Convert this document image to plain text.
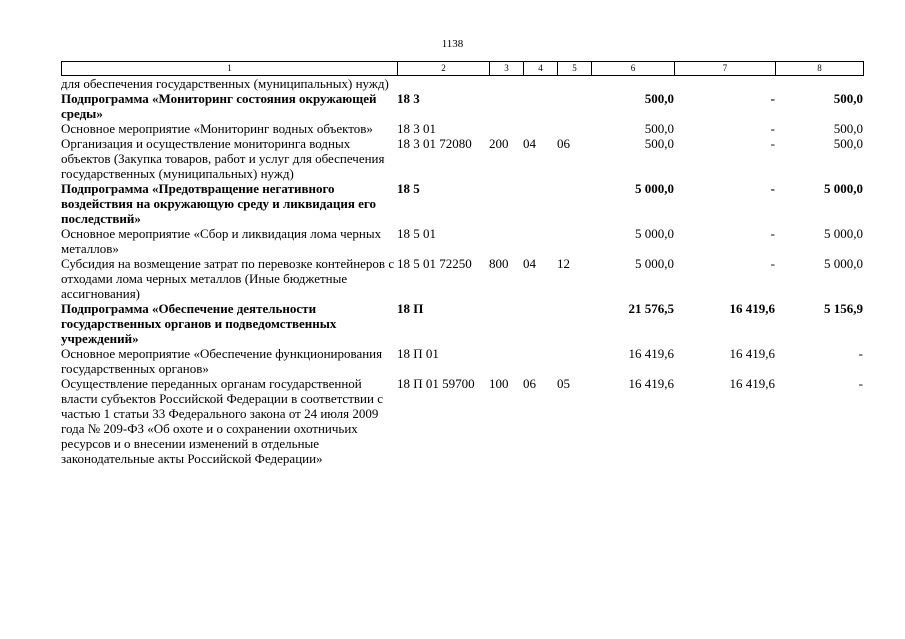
1138
1	2	3	4	5	6	7	8
для обеспечения государственных (муниципальных) нужд)							
Подпрограмма «Мониторинг состояния окружающей среды»	18 3				500,0	-	500,0
Основное мероприятие «Мониторинг водных объектов»	18 3 01				500,0	-	500,0
Организация и осуществление мониторинга водных объектов (Закупка товаров, работ и услуг для обеспечения государственных (муниципальных) нужд)	18 3 01 72080	200	04	06	500,0	-	500,0
Подпрограмма «Предотвращение негативного воздействия на окружающую среду и ликвидация его последствий»	18 5				5 000,0	-	5 000,0
Основное мероприятие «Сбор и ликвидация лома черных металлов»	18 5 01				5 000,0	-	5 000,0
Субсидия на возмещение затрат по перевозке контейнеров с отходами лома черных металлов (Иные бюджетные ассигнования)	18 5 01 72250	800	04	12	5 000,0	-	5 000,0
Подпрограмма «Обеспечение деятельности государственных органов и подведомственных учреждений»	18 П				21 576,5	16 419,6	5 156,9
Основное мероприятие «Обеспечение функционирования государственных органов»	18 П 01				16 419,6	16 419,6	-
Осуществление переданных органам государственной власти субъектов Российской Федерации в соответствии с частью 1 статьи 33 Федерального закона от 24 июля 2009 года № 209-ФЗ «Об охоте и о сохранении охотничьих ресурсов и о внесении изменений в отдельные законодательные акты Российской Федерации»	18 П 01 59700	100	06	05	16 419,6	16 419,6	-
